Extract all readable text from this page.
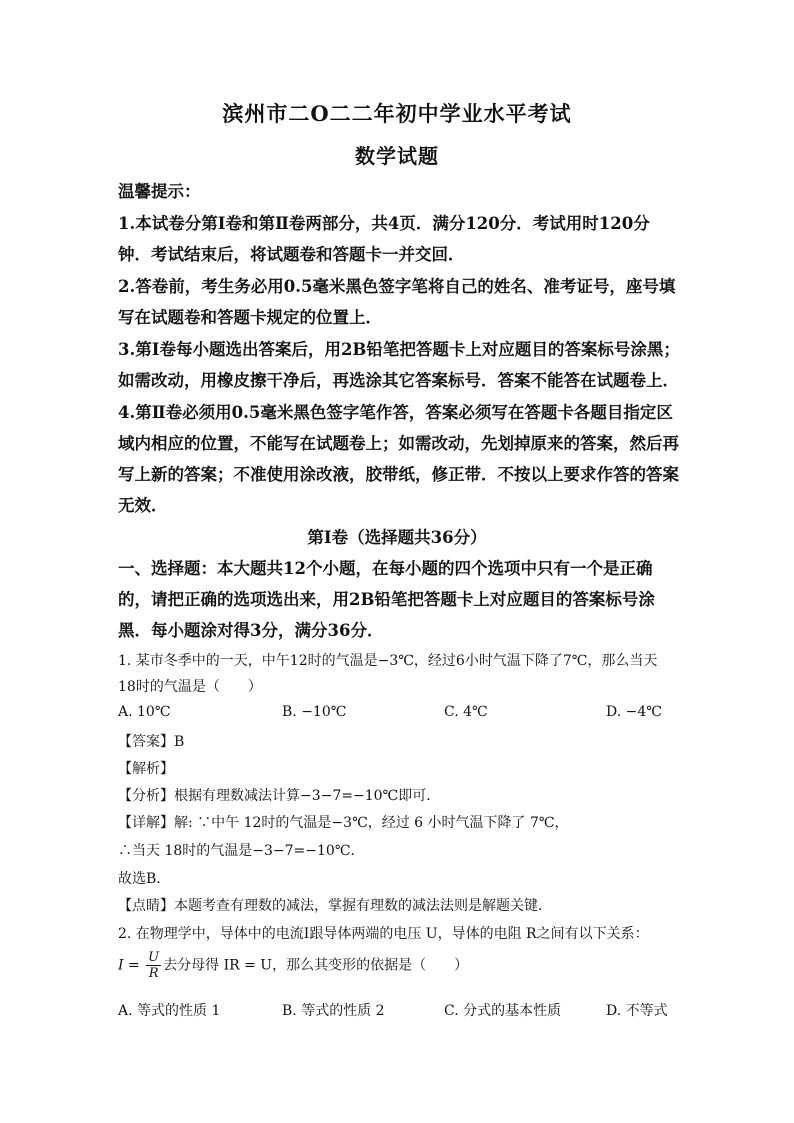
滨州市二O二二年初中学业水平考试
数学试题
温馨提示：
1.本试卷分第Ⅰ卷和第Ⅱ卷两部分，共4页．满分120分．考试用时120分
钟．考试结束后，将试题卷和答题卡一并交回．
2.答卷前，考生务必用0.5毫米黑色签字笔将自己的姓名、准考证号，座号填
写在试题卷和答题卡规定的位置上．
3.第Ⅰ卷每小题选出答案后，用2B铅笔把答题卡上对应题目的答案标号涂黑；
如需改动，用橡皮擦干净后，再选涂其它答案标号．答案不能答在试题卷上．
4.第Ⅱ卷必须用0.5毫米黑色签字笔作答，答案必须写在答题卡各题目指定区
域内相应的位置，不能写在试题卷上；如需改动，先划掉原来的答案，然后再
写上新的答案；不准使用涂改液，胶带纸，修正带．不按以上要求作答的答案
无效．
第Ⅰ卷（选择题共36分）
一、选择题：本大题共12个小题，在每小题的四个选项中只有一个是正确
的，请把正确的选项选出来，用2B铅笔把答题卡上对应题目的答案标号涂
黑．每小题涂对得3分，满分36分．
1. 某市冬季中的一天，中午12时的气温是−3℃，经过6小时气温下降了7℃，那么当天
18时的气温是（　　）
A. 10℃	B. −10℃	C. 4℃	D. −4℃
【答案】B
【解析】
【分析】根据有理数减法计算−3−7=−10℃即可．
【详解】解: ∵中午 12时的气温是−3℃，经过 6 小时气温下降了 7℃，
∴当天 18时的气温是−3−7=−10℃．
故选B．
【点睛】本题考查有理数的减法，掌握有理数的减法法则是解题关键．
2. 在物理学中，导体中的电流Ⅰ跟导体两端的电压 U，导体的电阻 R之间有以下关系：
$I = \frac{U}{R}$ 去分母得 IR = U，那么其变形的依据是（　　）
A. 等式的性质 1	B. 等式的性质 2	C. 分式的基本性质	D. 不等式
